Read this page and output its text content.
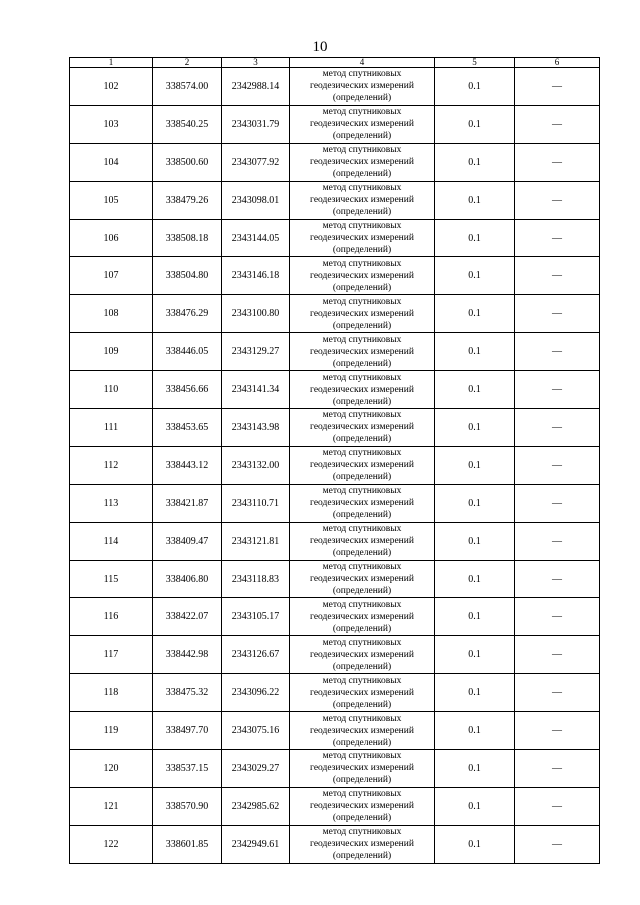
10
1	2	3	4	5	6
102	338574.00	2342988.14	метод спутниковых
геодезических измерений
(определений)	0.1	—
103	338540.25	2343031.79	метод спутниковых
геодезических измерений
(определений)	0.1	—
104	338500.60	2343077.92	метод спутниковых
геодезических измерений
(определений)	0.1	—
105	338479.26	2343098.01	метод спутниковых
геодезических измерений
(определений)	0.1	—
106	338508.18	2343144.05	метод спутниковых
геодезических измерений
(определений)	0.1	—
107	338504.80	2343146.18	метод спутниковых
геодезических измерений
(определений)	0.1	—
108	338476.29	2343100.80	метод спутниковых
геодезических измерений
(определений)	0.1	—
109	338446.05	2343129.27	метод спутниковых
геодезических измерений
(определений)	0.1	—
110	338456.66	2343141.34	метод спутниковых
геодезических измерений
(определений)	0.1	—
111	338453.65	2343143.98	метод спутниковых
геодезических измерений
(определений)	0.1	—
112	338443.12	2343132.00	метод спутниковых
геодезических измерений
(определений)	0.1	—
113	338421.87	2343110.71	метод спутниковых
геодезических измерений
(определений)	0.1	—
114	338409.47	2343121.81	метод спутниковых
геодезических измерений
(определений)	0.1	—
115	338406.80	2343118.83	метод спутниковых
геодезических измерений
(определений)	0.1	—
116	338422.07	2343105.17	метод спутниковых
геодезических измерений
(определений)	0.1	—
117	338442.98	2343126.67	метод спутниковых
геодезических измерений
(определений)	0.1	—
118	338475.32	2343096.22	метод спутниковых
геодезических измерений
(определений)	0.1	—
119	338497.70	2343075.16	метод спутниковых
геодезических измерений
(определений)	0.1	—
120	338537.15	2343029.27	метод спутниковых
геодезических измерений
(определений)	0.1	—
121	338570.90	2342985.62	метод спутниковых
геодезических измерений
(определений)	0.1	—
122	338601.85	2342949.61	метод спутниковых
геодезических измерений
(определений)	0.1	—
